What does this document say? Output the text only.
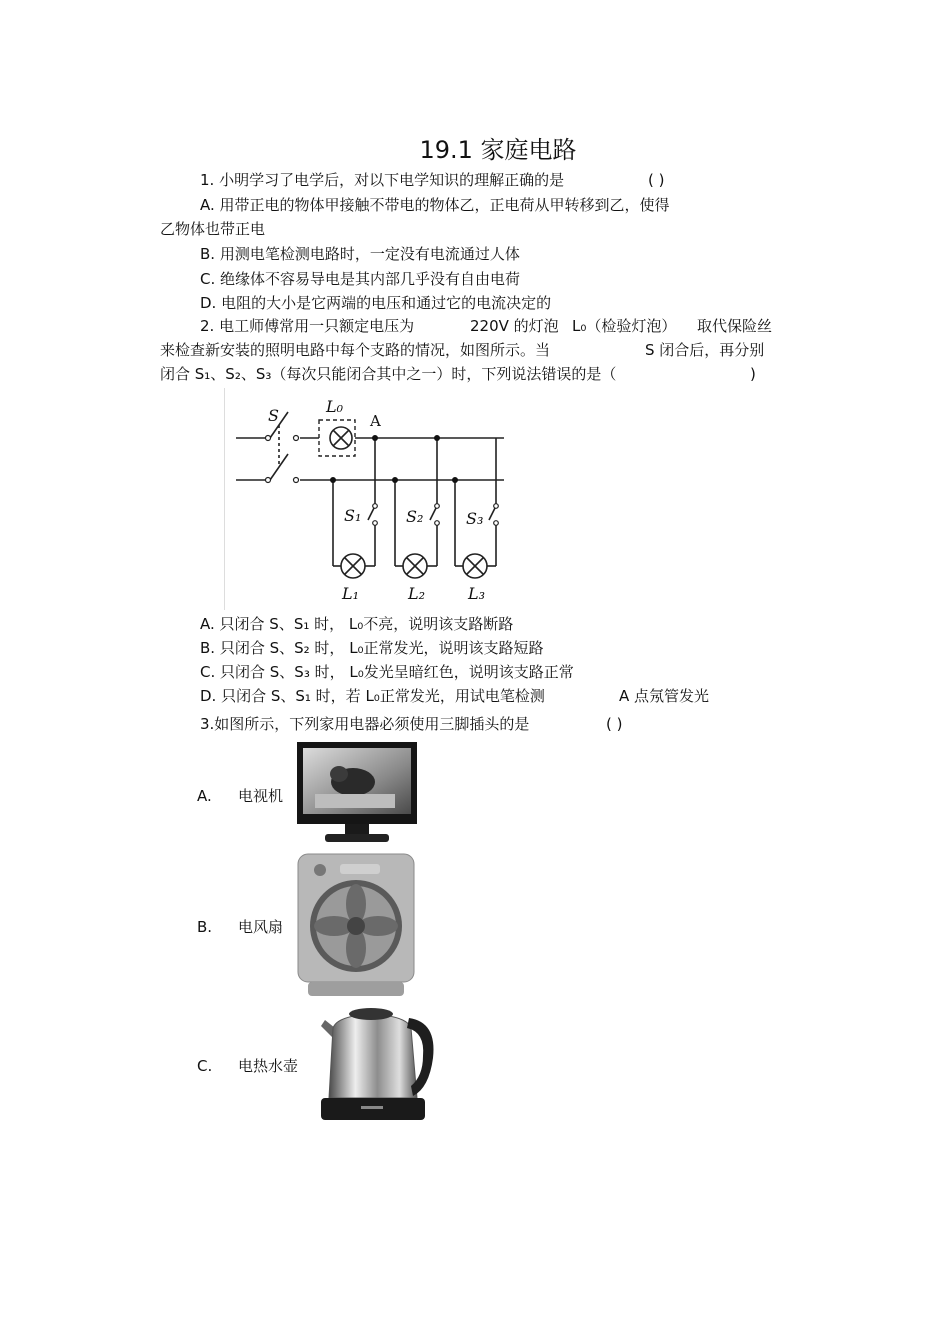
19.1 家庭电路
1. 小明学习了电学后，对以下电学知识的理解正确的是	( )
A. 用带正电的物体甲接触不带电的物体乙，正电荷从甲转移到乙，使得
乙物体也带正电
B. 用测电笔检测电路时，一定没有电流通过人体
C. 绝缘体不容易导电是其内部几乎没有自由电荷
D. 电阻的大小是它两端的电压和通过它的电流决定的
2. 电工师傅常用一只额定电压为	220V 的灯泡 L₀（检验灯泡） 取代保险丝
来检查新安装的照明电路中每个支路的情况，如图所示。当	S 闭合后，再分别
闭合 S₁、S₂、S₃（每次只能闭合其中之一）时，下列说法错误的是（	)
S	L₀
A
S₁	S₂	S₃
L₁	L₂	L₃
A. 只闭合 S、S₁ 时， L₀不亮，说明该支路断路
B. 只闭合 S、S₂ 时， L₀正常发光，说明该支路短路
C. 只闭合 S、S₃ 时， L₀发光呈暗红色，说明该支路正常
D. 只闭合 S、S₁ 时，若 L₀正常发光，用试电笔检测	A 点氖管发光
3.如图所示，下列家用电器必须使用三脚插头的是	( )
A. 电视机
B. 电风扇
C. 电热水壶
